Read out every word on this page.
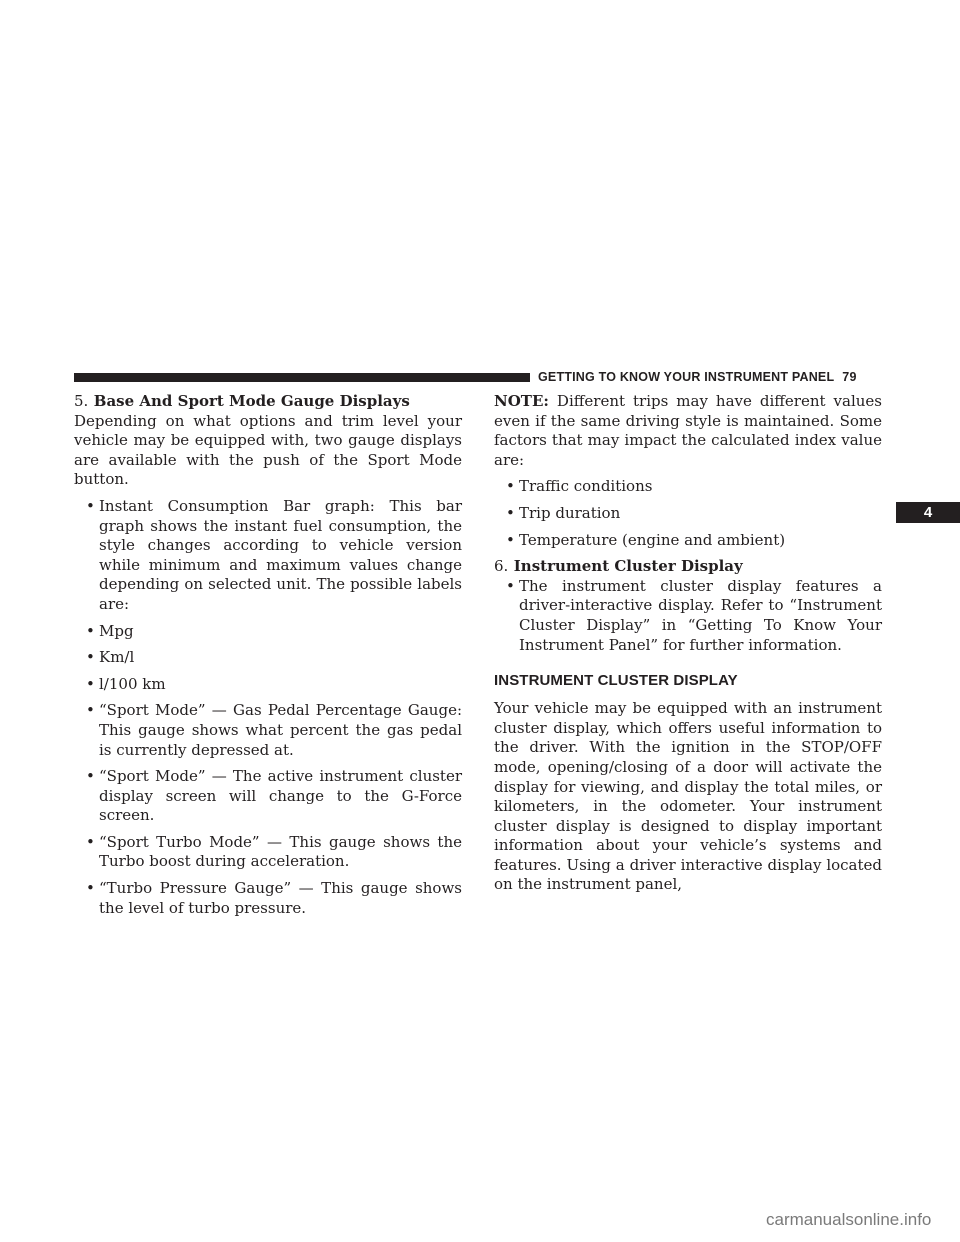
GETTING TO KNOW YOUR INSTRUMENT PANEL 79
4

5. Base And Sport Mode Gauge Displays

Depending on what options and trim level your vehicle may be equipped with, two gauge displays are available with the push of the Sport Mode button.

• Instant Consumption Bar graph: This bar graph shows the instant fuel consumption, the style changes according to vehicle version while minimum and maximum values change depending on selected unit. The possible labels are:
• Mpg
• Km/l
• l/100 km
• “Sport Mode” — Gas Pedal Percentage Gauge: This gauge shows what percent the gas pedal is currently depressed at.
• “Sport Mode” — The active instrument cluster display screen will change to the G-Force screen.
• “Sport Turbo Mode” — This gauge shows the Turbo boost during acceleration.
• “Turbo Pressure Gauge” — This gauge shows the level of turbo pressure.

NOTE: Different trips may have different values even if the same driving style is maintained. Some factors that may impact the calculated index value are:

• Traffic conditions
• Trip duration
• Temperature (engine and ambient)

6. Instrument Cluster Display

• The instrument cluster display features a driver-interactive display. Refer to “Instrument Cluster Display” in “Getting To Know Your Instrument Panel” for further information.
INSTRUMENT CLUSTER DISPLAY

Your vehicle may be equipped with an instrument cluster display, which offers useful information to the driver. With the ignition in the STOP/OFF mode, opening/closing of a door will activate the display for viewing, and display the total miles, or kilometers, in the odometer. Your instrument cluster display is designed to display important information about your vehicle’s systems and features. Using a driver interactive display located on the instrument panel,

carmanualsonline.info
